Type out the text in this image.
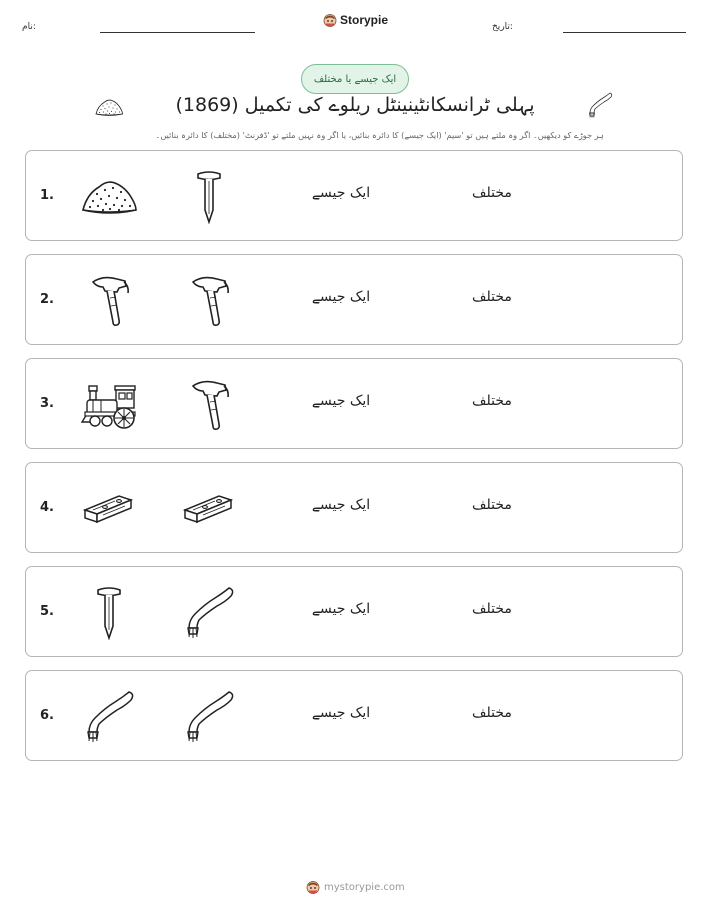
نام:	Storypie	تاریخ:
ایک جیسے یا مختلف
پہلی ٹرانسکانٹینینٹل ریلوے کی تکمیل (1869)
ہر جوڑے کو دیکھیں۔ اگر وہ ملتے ہیں تو 'سیم' (ایک جیسے) کا دائرہ بنائیں، یا اگر وہ نہیں ملتے تو 'ڈفرنٹ' (مختلف) کا دائرہ بنائیں۔
1.	ایک جیسے	مختلف
2.	ایک جیسے	مختلف
3.	ایک جیسے	مختلف
4.	ایک جیسے	مختلف
5.	ایک جیسے	مختلف
6.	ایک جیسے	مختلف
mystorypie.com
